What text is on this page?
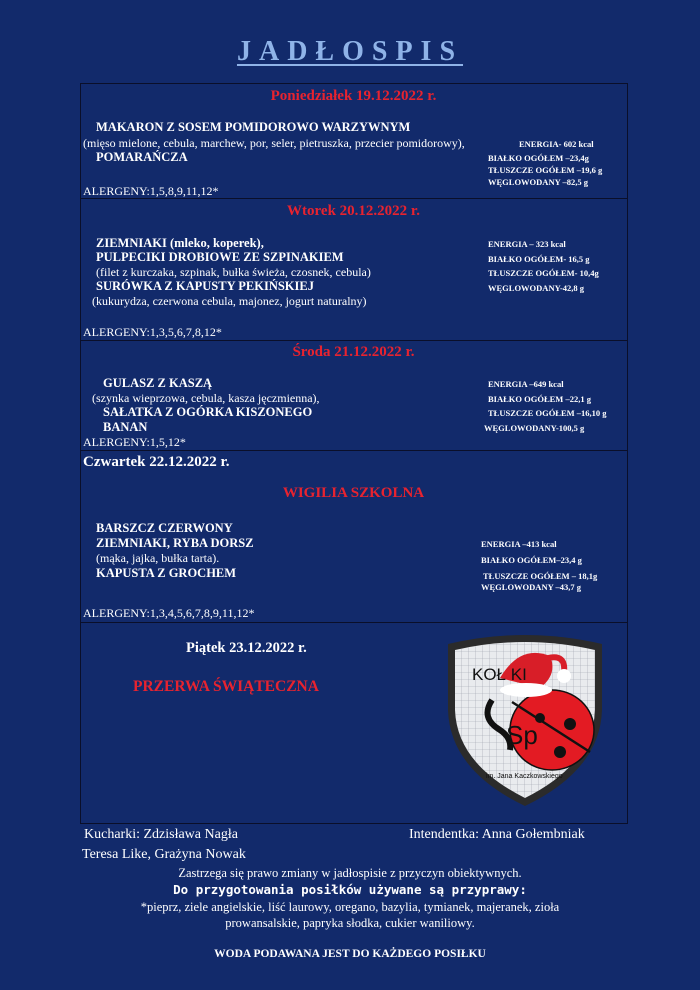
JADŁOSPIS
Poniedziałek 19.12.2022 r.
MAKARON Z SOSEM POMIDOROWO WARZYWNYM
(mięso mielone, cebula, marchew, por, seler, pietruszka, przecier pomidorowy),
POMARAŃCZA
ENERGIA- 602 kcal
BIAŁKO OGÓŁEM –23,4g
TŁUSZCZE OGÓŁEM –19,6 g
WĘGLOWODANY –82,5 g
ALERGENY:1,5,8,9,11,12*
Wtorek 20.12.2022 r.
ZIEMNIAKI (mleko, koperek),
PULPECIKI DROBIOWE ZE SZPINAKIEM
(filet z kurczaka, szpinak, bułka świeża, czosnek, cebula)
SURÓWKA Z KAPUSTY PEKIŃSKIEJ
(kukurydza, czerwona cebula, majonez, jogurt naturalny)
ENERGIA – 323 kcal
BIAŁKO OGÓŁEM- 16,5 g
TŁUSZCZE OGÓŁEM- 10,4g
WĘGLOWODANY-42,8 g
ALERGENY:1,3,5,6,7,8,12*
Środa 21.12.2022 r.
GULASZ Z KASZĄ
(szynka wieprzowa, cebula, kasza jęczmienna),
SAŁATKA Z OGÓRKA KISZONEGO
BANAN
ENERGIA –649 kcal
BIAŁKO OGÓŁEM –22,1 g
TŁUSZCZE OGÓŁEM –16,10 g
WĘGLOWODANY-100,5 g
ALERGENY:1,5,12*
Czwartek 22.12.2022 r.
WIGILIA SZKOLNA
BARSZCZ CZERWONY
ZIEMNIAKI, RYBA DORSZ
(mąka, jajka, bułka tarta).
KAPUSTA Z GROCHEM
ENERGIA –413 kcal
BIAŁKO OGÓŁEM–23,4 g
TŁUSZCZE OGÓŁEM – 18,1g
WĘGLOWODANY –43,7 g
ALERGENY:1,3,4,5,6,7,8,9,11,12*
Piątek 23.12.2022 r.
PRZERWA ŚWIĄTECZNA
KOŁ KI
Sp
im. Jana Kaczkowskiego
Kucharki: Zdzisława Nagła	Intendentka: Anna Gołembniak
Teresa Like, Grażyna Nowak
Zastrzega się prawo zmiany w jadłospisie z przyczyn obiektywnych.
Do przygotowania posiłków używane są przyprawy:
*pieprz, ziele angielskie, liść laurowy, oregano, bazylia, tymianek, majeranek, zioła
prowansalskie, papryka słodka, cukier waniliowy.
WODA PODAWANA JEST DO KAŻDEGO POSIŁKU
